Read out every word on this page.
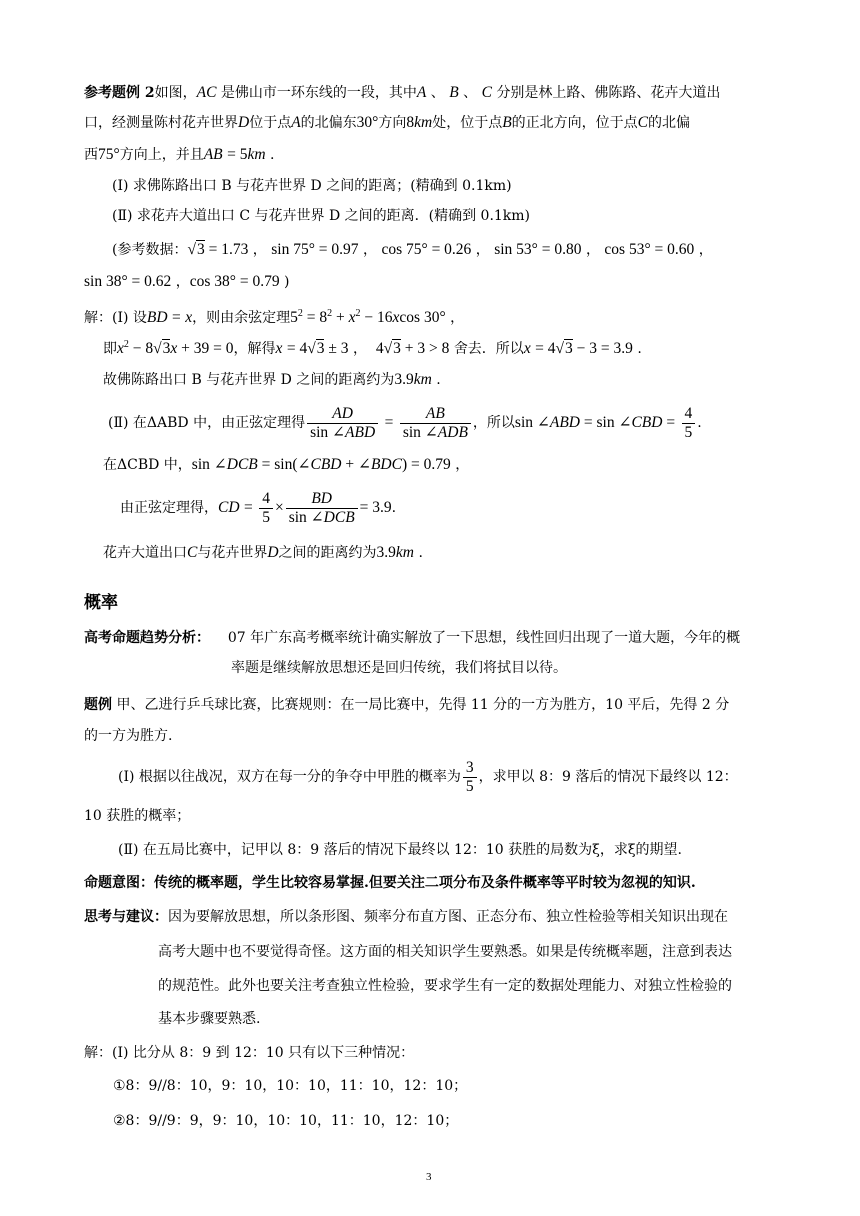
参考题例 2如图，AC 是佛山市一环东线的一段，其中A 、 B 、 C 分别是林上路、佛陈路、花卉大道出
口，经测量陈村花卉世界D位于点A的北偏东30°方向8km处，位于点B的正北方向，位于点C的北偏
西75°方向上，并且AB = 5km .
(Ⅰ) 求佛陈路出口 B 与花卉世界 D 之间的距离；(精确到 0.1km)
(Ⅱ) 求花卉大道出口 C 与花卉世界 D 之间的距离．(精确到 0.1km)
(参考数据：√3 = 1.73 ， sin 75° = 0.97 ， cos 75° = 0.26 ， sin 53° = 0.80 ， cos 53° = 0.60 ，
sin 38° = 0.62 ，cos 38° = 0.79 )
解：(Ⅰ) 设BD = x，则由余弦定理$5^2 = 8^2 + x^2 - 16xcos$ 30° ，
即$x^2 - 8√3x + 39 = 0$，解得x = 4√3 ± 3 ，  4√3 + 3 > 8 舍去．所以x = 4√3 − 3 = 3.9 .
故佛陈路出口 B 与花卉世界 D 之间的距离约为3.9km .
(Ⅱ) 在ΔABD 中，由正弦定理得 $\frac{AD}{\text{sin ∠ABD}} = \frac{AB}{\text{sin ∠ADB}}$ ，所以sin ∠ABD = sin ∠CBD = $\frac{4}{5}$ .
在ΔCBD 中，sin ∠DCB = sin(∠CBD + ∠BDC) = 0.79 ，
由正弦定理得，CD = $\frac{4}{5} \times \frac{BD}{\text{sin ∠DCB}} = 3.9$.
花卉大道出口C与花卉世界D之间的距离约为3.9km .
概率
高考命题趋势分析： 07 年广东高考概率统计确实解放了一下思想，线性回归出现了一道大题，今年的概
率题是继续解放思想还是回归传统，我们将拭目以待。
题例 甲、乙进行乒乓球比赛，比赛规则：在一局比赛中，先得 11 分的一方为胜方，10 平后，先得 2 分
的一方为胜方.
(Ⅰ) 根据以往战况，双方在每一分的争夺中甲胜的概率为 $\frac{3}{5}$ ，求甲以 8：9 落后的情况下最终以 12：
10 获胜的概率；
(Ⅱ) 在五局比赛中，记甲以 8：9 落后的情况下最终以 12：10 获胜的局数为ξ，求ξ的期望.
命题意图：传统的概率题，学生比较容易掌握.但要关注二项分布及条件概率等平时较为忽视的知识.
思考与建议：因为要解放思想，所以条形图、频率分布直方图、正态分布、独立性检验等相关知识出现在
高考大题中也不要觉得奇怪。这方面的相关知识学生要熟悉。如果是传统概率题，注意到表达
的规范性。此外也要关注考查独立性检验，要求学生有一定的数据处理能力、对独立性检验的
基本步骤要熟悉.
解：(Ⅰ) 比分从 8：9 到 12：10 只有以下三种情况：
①8：9//8：10，9：10，10：10，11：10，12：10；
②8：9//9：9，9：10，10：10，11：10，12：10；
3
